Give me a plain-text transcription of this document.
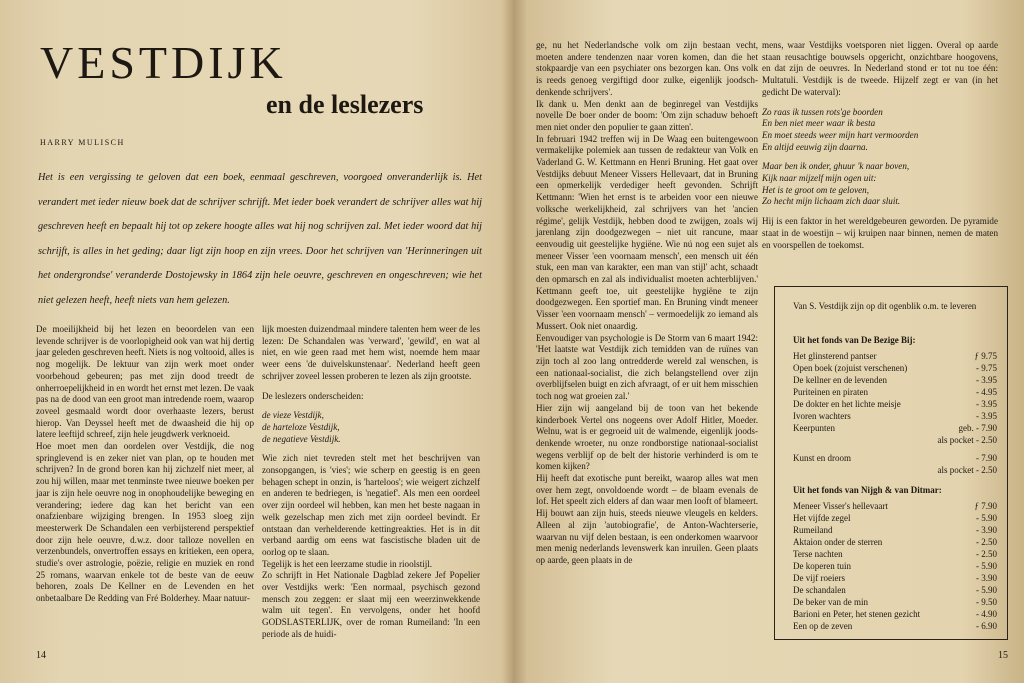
VESTDIJK
en de leslezers
HARRY MULISCH

Het is een vergissing te geloven dat een boek, eenmaal geschreven, voorgoed onveranderlijk is. Het verandert met ieder nieuw boek dat de schrijver schrijft. Met ieder boek verandert de schrijver alles wat hij geschreven heeft en bepaalt hij tot op zekere hoogte alles wat hij nog schrijven zal. Met ieder woord dat hij schrijft, is alles in het geding; daar ligt zijn hoop en zijn vrees. Door het schrijven van 'Herinneringen uit het ondergrondse' veranderde Dostojewsky in 1864 zijn hele oeuvre, geschreven en ongeschreven; wie het niet gelezen heeft, heeft niets van hem gelezen.

De moeilijkheid bij het lezen en beoordelen van een levende schrijver is de voorlopigheid ook van wat hij dertig jaar geleden geschreven heeft. Niets is nog voltooid, alles is nog mogelijk. De lektuur van zijn werk moet onder voorbehoud gebeuren; pas met zijn dood treedt de onherroepelijkheid in en wordt het ernst met lezen. De vaak pas na de dood van een groot man intredende roem, waarop zoveel gesmaald wordt door overhaaste lezers, berust hierop. Van Deyssel heeft met de dwaasheid die hij op latere leeftijd schreef, zijn hele jeugdwerk verknoeid.

Hoe moet men dan oordelen over Vestdijk, die nog springlevend is en zeker niet van plan, op te houden met schrijven? In de grond boren kan hij zichzelf niet meer, al zou hij willen, maar met tenminste twee nieuwe boeken per jaar is zijn hele oeuvre nog in onophoudelijke beweging en verandering; iedere dag kan het bericht van een onafzienbare wijziging brengen. In 1953 sloeg zijn meesterwerk De Schandalen een verbijsterend perspektief door zijn hele oeuvre, d.w.z. door talloze novellen en verzenbundels, onvertroffen essays en kritieken, een opera, studie's over astrologie, poëzie, religie en muziek en rond 25 romans, waarvan enkele tot de beste van de eeuw behoren, zoals De Kellner en de Levenden en het onbetaalbare De Redding van Fré Bolderhey. Maar natuur-

lijk moesten duizendmaal mindere talenten hem weer de les lezen: De Schandalen was 'verward', 'gewild', en wat al niet, en wie geen raad met hem wist, noemde hem maar weer eens 'de duivelskunstenaar'. Nederland heeft geen schrijver zoveel lessen proberen te lezen als zijn grootste.

De leslezers onderscheiden:

de vieze Vestdijk,

de harteloze Vestdijk,

de negatieve Vestdijk.

Wie zich niet tevreden stelt met het beschrijven van zonsopgangen, is 'vies'; wie scherp en geestig is en geen behagen schept in onzin, is 'harteloos'; wie weigert zichzelf en anderen te bedriegen, is 'negatief'. Als men een oordeel over zijn oordeel wil hebben, kan men het beste nagaan in welk gezelschap men zich met zijn oordeel bevindt. Er ontstaan dan verhelderende kettingreakties. Het is in dit verband aardig om eens wat fascistische bladen uit de oorlog op te slaan.

Tegelijk is het een leerzame studie in rioolstijl.

Zo schrijft in Het Nationale Dagblad zekere Jef Popelier over Vestdijks werk: 'Een normaal, psychisch gezond mensch zou zeggen: er slaat mij een weerzinwekkende walm uit tegen'. En vervolgens, onder het hoofd GODSLASTERLIJK, over de roman Rumeiland: 'In een periode als de huidi-

14

ge, nu het Nederlandsche volk om zijn bestaan vecht, moeten andere tendenzen naar voren komen, dan die het stokpaardje van een psychiater ons bezorgen kan. Ons volk is reeds genoeg vergiftigd door zulke, eigenlijk joodsch-denkende schrijvers'.

Ik dank u. Men denkt aan de beginregel van Vestdijks novelle De boer onder de boom: 'Om zijn schaduw behoeft men niet onder den populier te gaan zitten'.

In februari 1942 treffen wij in De Waag een buitengewoon vermakelijke polemiek aan tussen de redakteur van Volk en Vaderland G. W. Kettmann en Henri Bruning. Het gaat over Vestdijks debuut Meneer Vissers Hellevaart, dat in Bruning een opmerkelijk verdediger heeft gevonden. Schrijft Kettmann: 'Wien het ernst is te arbeiden voor een nieuwe volksche werkelijkheid, zal schrijvers van het 'ancien régime', gelijk Vestdijk, hebben dood te zwijgen, zoals wij jarenlang zijn doodgezwegen – niet uit rancune, maar eenvoudig uit geestelijke hygiëne. Wie nú nog een sujet als meneer Visser 'een voornaam mensch', een mensch uit één stuk, een man van karakter, een man van stijl' acht, schaadt den opmarsch en zal als individualist moeten achterblijven.' Kettmann geeft toe, uit geestelijke hygiëne te zijn doodgezwegen. Een sportief man. En Bruning vindt meneer Visser 'een voornaam mensch' – vermoedelijk zo iemand als Mussert. Ook niet onaardig.

Eenvoudiger van psychologie is De Storm van 6 maart 1942: 'Het laatste wat Vestdijk zich temidden van de ruïnes van zijn toch al zoo lang ontredderde wereld zal wenschen, is een nationaal-socialist, die zich belangstellend over zijn overblijfselen buigt en zich afvraagt, of er uit hem misschien toch nog wat groeien zal.'

Hier zijn wij aangeland bij de toon van het bekende kinderboek Vertel ons nogeens over Adolf Hitler, Moeder. Welnu, wat is er gegroeid uit de walmende, eigenlijk joods-denkende wroeter, nu onze rondborstige nationaal-socialist wegens verblijf op de belt der historie verhinderd is om te komen kijken?

Hij heeft dat exotische punt bereikt, waarop alles wat men over hem zegt, onvoldoende wordt – de blaam evenals de lof. Het speelt zich elders af dan waar men looft of blameert. Hij bouwt aan zijn huis, steeds nieuwe vleugels en kelders. Alleen al zijn 'autobiografie', de Anton-Wachterserie, waarvan nu vijf delen bestaan, is een onderkomen waarvoor men menig nederlands levenswerk kan inruilen. Geen plaats op aarde, geen plaats in de

mens, waar Vestdijks voetsporen niet liggen. Overal op aarde staan reusachtige bouwsels opgericht, onzichtbare hoogovens, en dat zijn de oeuvres. In Nederland stond er tot nu toe één: Multatuli. Vestdijk is de tweede. Hijzelf zegt er van (in het gedicht De waterval):

Zo raas ik tussen rots'ge boorden
En ben niet meer waar ik besta
En moet steeds weer mijn hart vermoorden
En altijd eeuwig zijn daarna.
Maar ben ik onder, ghuur 'k naar boven,
Kijk naar mijzelf mijn ogen uit:
Het is te groot om te geloven,
Zo hecht mijn lichaam zich daar sluit.

Hij is een faktor in het wereldgebeuren geworden. De pyramide staat in de woestijn – wij kruipen naar binnen, nemen de maten en voorspellen de toekomst.

Van S. Vestdijk zijn op dit ogenblik o.m. te leveren
Uit het fonds van De Bezige Bij:
Het glinsterend pantser	ƒ 9.75
Open boek (zojuist verschenen)	- 9.75
De kellner en de levenden	- 3.95
Puriteinen en piraten	- 4.95
De dokter en het lichte meisje	- 3.95
Ivoren wachters	- 3.95
Keerpunten	geb. - 7.90
als pocket - 2.50
Kunst en droom	- 7.90
als pocket - 2.50
Uit het fonds van Nijgh & van Ditmar:
Meneer Visser's hellevaart	ƒ 7.90
Het vijfde zegel	- 5.90
Rumeiland	- 3.90
Aktaion onder de sterren	- 2.50
Terse nachten	- 2.50
De koperen tuin	- 5.90
De vijf roeiers	- 3.90
De schandalen	- 5.90
De beker van de min	- 9.50
Barioni en Peter, het stenen gezicht	- 4.90
Een op de zeven	- 6.90
15
